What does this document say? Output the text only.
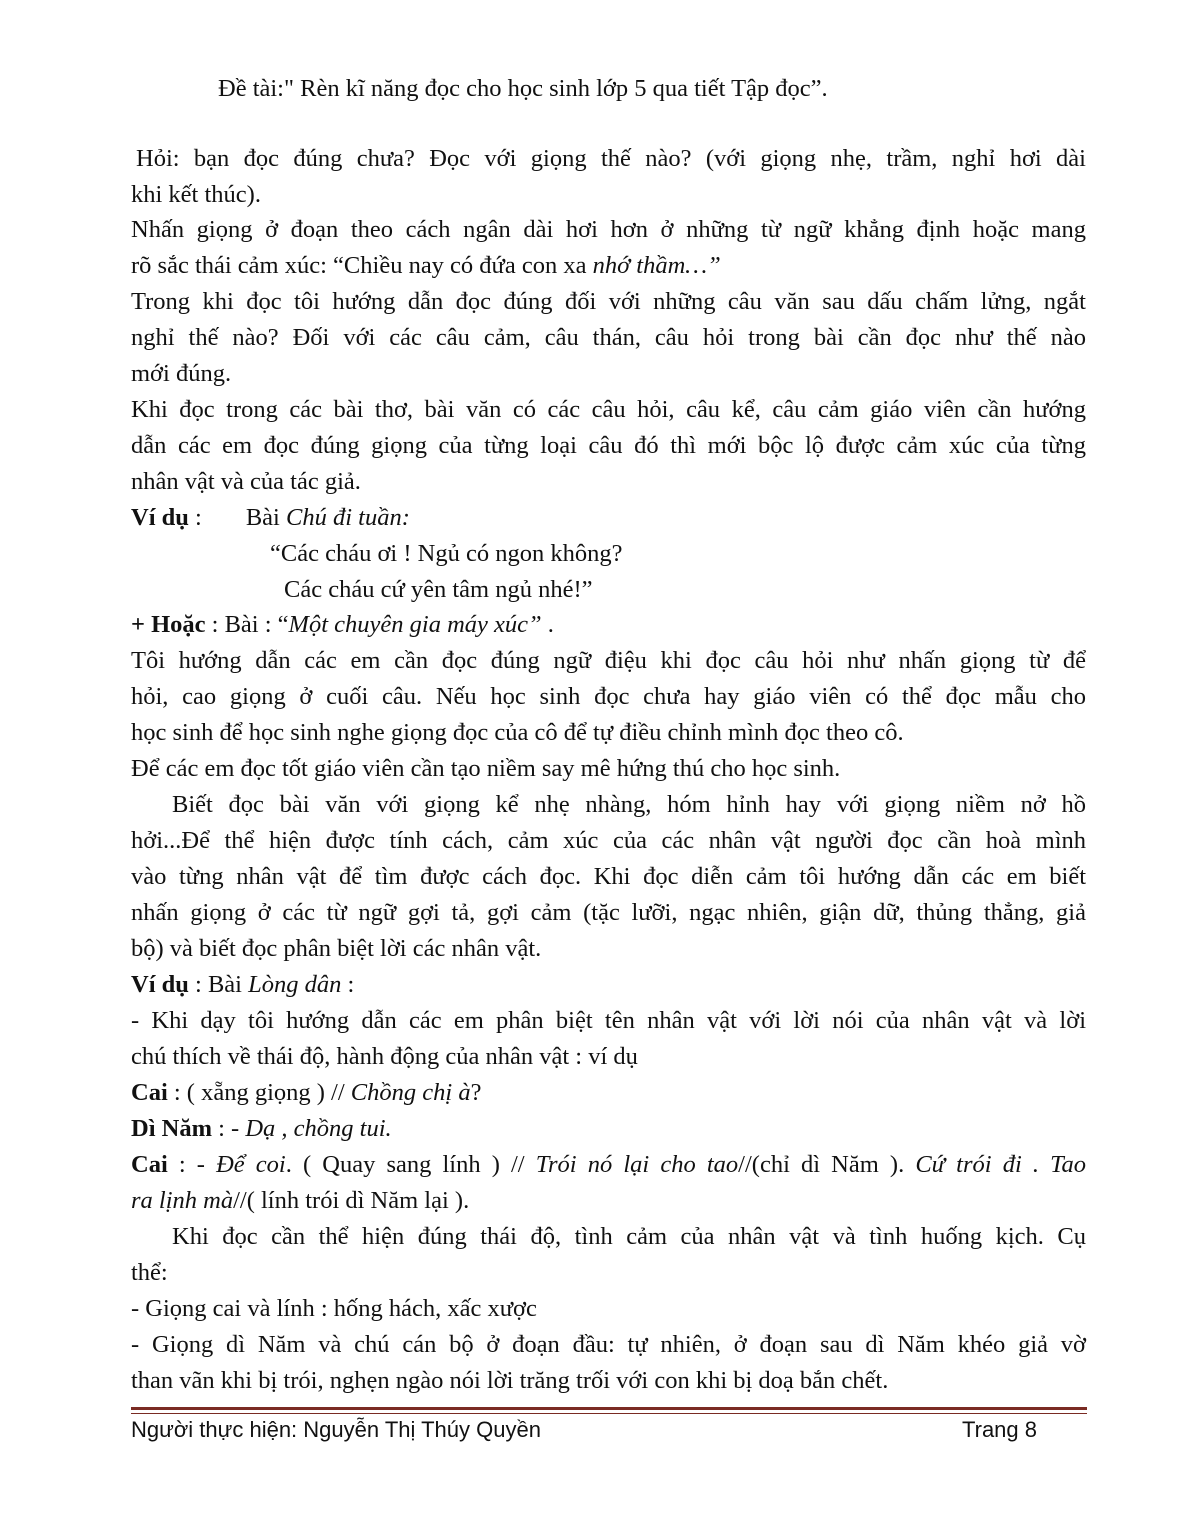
Đề tài:" Rèn kĩ năng đọc cho học sinh lớp 5 qua tiết Tập đọc”.
Hỏi: bạn đọc đúng chưa? Đọc với giọng thế nào? (với giọng nhẹ, trầm, nghỉ hơi dài
khi kết thúc).
Nhấn giọng ở đoạn theo cách ngân dài hơi hơn ở những từ ngữ khẳng định hoặc mang
rõ sắc thái cảm xúc: “Chiều nay có đứa con xa nhớ thầm…”
Trong khi đọc tôi hướng dẫn đọc đúng đối với những câu văn sau dấu chấm lửng, ngắt
nghỉ thế nào? Đối với các câu cảm, câu thán, câu hỏi trong bài cần đọc như thế nào
mới đúng.
Khi đọc trong các bài thơ, bài văn có các câu hỏi, câu kể, câu cảm giáo viên cần hướng
dẫn các em đọc đúng giọng của từng loại câu đó thì mới bộc lộ được cảm xúc của từng
nhân vật và của tác giả.
Ví dụ : Bài Chú đi tuần:
“Các cháu ơi ! Ngủ có ngon không?
Các cháu cứ yên tâm ngủ nhé!”
+ Hoặc : Bài : “Một chuyên gia máy xúc” .
Tôi hướng dẫn các em cần đọc đúng ngữ điệu khi đọc câu hỏi như nhấn giọng từ để
hỏi, cao giọng ở cuối câu. Nếu học sinh đọc chưa hay giáo viên có thể đọc mẫu cho
học sinh để học sinh nghe giọng đọc của cô để tự điều chỉnh mình đọc theo cô.
Để các em đọc tốt giáo viên cần tạo niềm say mê hứng thú cho học sinh.
Biết đọc bài văn với giọng kể nhẹ nhàng, hóm hỉnh hay với giọng niềm nở hồ
hởi...Để thể hiện được tính cách, cảm xúc của các nhân vật người đọc cần hoà mình
vào từng nhân vật để tìm được cách đọc. Khi đọc diễn cảm tôi hướng dẫn các em biết
nhấn giọng ở các từ ngữ gợi tả, gợi cảm (tặc lưỡi, ngạc nhiên, giận dữ, thủng thẳng, giả
bộ) và biết đọc phân biệt lời các nhân vật.
Ví dụ : Bài Lòng dân :
- Khi dạy tôi hướng dẫn các em phân biệt tên nhân vật với lời nói của nhân vật và lời
chú thích về thái độ, hành động của nhân vật : ví dụ
Cai : ( xẵng giọng ) // Chồng chị à?
Dì Năm : - Dạ , chồng tui.
Cai : - Để coi. ( Quay sang lính ) // Trói nó lại cho tao//(chỉ dì Năm ). Cứ trói đi . Tao
ra lịnh mà//( lính trói dì Năm lại ).
Khi đọc cần thể hiện đúng thái độ, tình cảm của nhân vật và tình huống kịch. Cụ
thể:
- Giọng cai và lính : hống hách, xấc xược
- Giọng dì Năm và chú cán bộ ở đoạn đầu: tự nhiên, ở đoạn sau dì Năm khéo giả vờ
than vãn khi bị trói, nghẹn ngào nói lời trăng trối với con khi bị doạ bắn chết.
Người thực hiện: Nguyễn Thị Thúy Quyền	Trang 8
